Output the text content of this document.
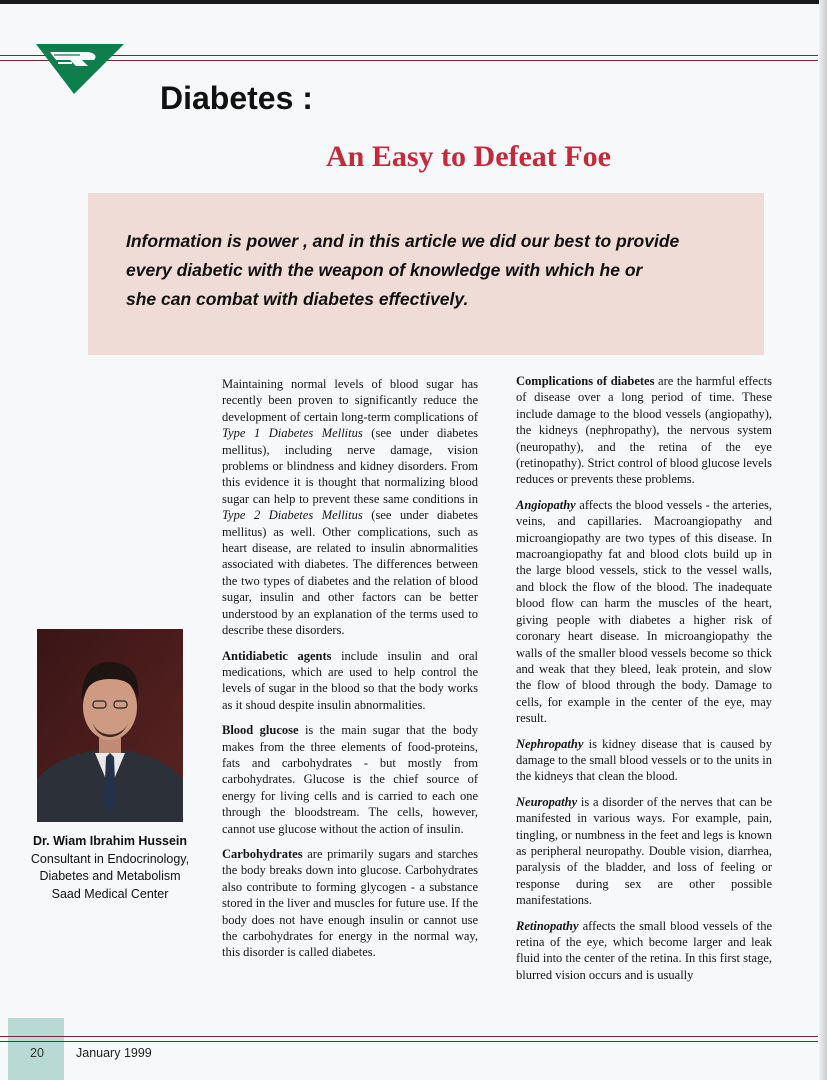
Diabetes :
An Easy to Defeat Foe

Information is power , and in this article we did our best to provide
every diabetic with the weapon of knowledge with which he or
she can combat with diabetes effectively.

Dr. Wiam Ibrahim Hussein
Consultant in Endocrinology,
Diabetes and Metabolism
Saad Medical Center

Maintaining normal levels of blood sugar has recently been proven to significantly reduce the development of certain long-term complications of Type 1 Diabetes Mellitus (see under diabetes mellitus), including nerve damage, vision problems or blindness and kidney disorders. From this evidence it is thought that normalizing blood sugar can help to prevent these same conditions in Type 2 Diabetes Mellitus (see under diabetes mellitus) as well. Other complications, such as heart disease, are related to insulin abnormalities associated with diabetes. The differences between the two types of diabetes and the relation of blood sugar, insulin and other factors can be better understood by an explanation of the terms used to describe these disorders.

Antidiabetic agents include insulin and oral medications, which are used to help control the levels of sugar in the blood so that the body works as it shoud despite insulin abnormalities.

Blood glucose is the main sugar that the body makes from the three elements of food-proteins, fats and carbohydrates - but mostly from carbohydrates. Glucose is the chief source of energy for living cells and is carried to each one through the bloodstream. The cells, however, cannot use glucose without the action of insulin.

Carbohydrates are primarily sugars and starches the body breaks down into glucose. Carbohydrates also contribute to forming glycogen - a substance stored in the liver and muscles for future use. If the body does not have enough insulin or cannot use the carbohydrates for energy in the normal way, this disorder is called diabetes.

Complications of diabetes are the harmful effects of disease over a long period of time. These include damage to the blood vessels (angiopathy), the kidneys (nephropathy), the nervous system (neuropathy), and the retina of the eye (retinopathy). Strict control of blood glucose levels reduces or prevents these problems.

Angiopathy affects the blood vessels - the arteries, veins, and capillaries. Macroangiopathy and microangiopathy are two types of this disease. In macroangiopathy fat and blood clots build up in the large blood vessels, stick to the vessel walls, and block the flow of the blood. The inadequate blood flow can harm the muscles of the heart, giving people with diabetes a higher risk of coronary heart disease. In microangiopathy the walls of the smaller blood vessels become so thick and weak that they bleed, leak protein, and slow the flow of blood through the body. Damage to cells, for example in the center of the eye, may result.

Nephropathy is kidney disease that is caused by damage to the small blood vessels or to the units in the kidneys that clean the blood.

Neuropathy is a disorder of the nerves that can be manifested in various ways. For example, pain, tingling, or numbness in the feet and legs is known as peripheral neuropathy. Double vision, diarrhea, paralysis of the bladder, and loss of feeling or response during sex are other possible manifestations.

Retinopathy affects the small blood vessels of the retina of the eye, which become larger and leak fluid into the center of the retina. In this first stage, blurred vision occurs and is usually

20	January 1999
